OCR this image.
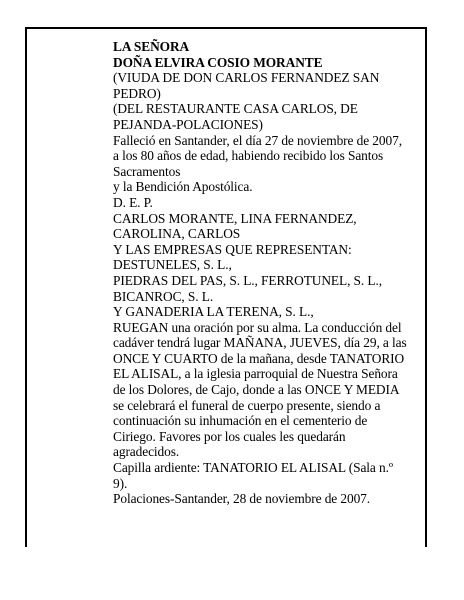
LA SEÑORA
DOÑA ELVIRA COSIO MORANTE
(VIUDA DE DON CARLOS FERNANDEZ SAN
PEDRO)
(DEL RESTAURANTE CASA CARLOS, DE
PEJANDA-POLACIONES)
Falleció en Santander, el día 27 de noviembre de 2007,
a los 80 años de edad, habiendo recibido los Santos
Sacramentos
y la Bendición Apostólica.
D. E. P.
CARLOS MORANTE, LINA FERNANDEZ,
CAROLINA, CARLOS
Y LAS EMPRESAS QUE REPRESENTAN:
DESTUNELES, S. L.,
PIEDRAS DEL PAS, S. L., FERROTUNEL, S. L.,
BICANROC, S. L.
Y GANADERIA LA TERENA, S. L.,
RUEGAN una oración por su alma. La conducción del
cadáver tendrá lugar MAÑANA, JUEVES, día 29, a las
ONCE Y CUARTO de la mañana, desde TANATORIO
EL ALISAL, a la iglesia parroquial de Nuestra Señora
de los Dolores, de Cajo, donde a las ONCE Y MEDIA
se celebrará el funeral de cuerpo presente, siendo a
continuación su inhumación en el cementerio de
Ciriego. Favores por los cuales les quedarán
agradecidos.
Capilla ardiente: TANATORIO EL ALISAL (Sala n.º
9).
Polaciones-Santander, 28 de noviembre de 2007.
